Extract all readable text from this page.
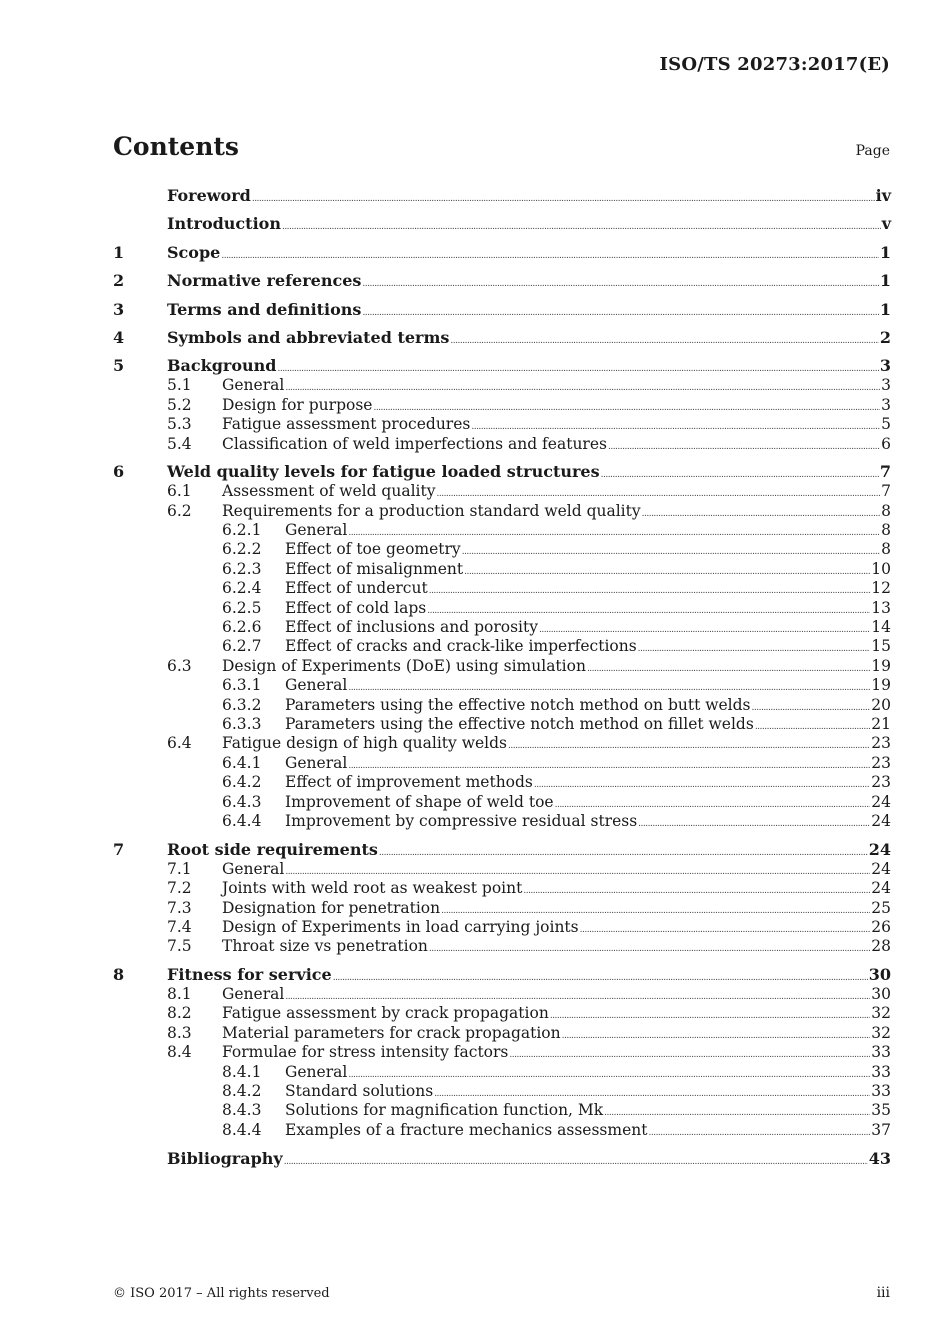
ISO/TS 20273:2017(E)
Contents	Page
Foreword .....	iv
Introduction .....	v
1	Scope .....	1
2	Normative references .....	1
3	Terms and definitions .....	1
4	Symbols and abbreviated terms .....	2
5	Background .....	3
5.1	General .....	3
5.2	Design for purpose .....	3
5.3	Fatigue assessment procedures .....	5
5.4	Classification of weld imperfections and features .....	6
6	Weld quality levels for fatigue loaded structures .....	7
6.1	Assessment of weld quality .....	7
6.2	Requirements for a production standard weld quality .....	8
6.2.1	General .....	8
6.2.2	Effect of toe geometry .....	8
6.2.3	Effect of misalignment .....	10
6.2.4	Effect of undercut .....	12
6.2.5	Effect of cold laps .....	13
6.2.6	Effect of inclusions and porosity .....	14
6.2.7	Effect of cracks and crack-like imperfections .....	15
6.3	Design of Experiments (DoE) using simulation .....	19
6.3.1	General .....	19
6.3.2	Parameters using the effective notch method on butt welds .....	20
6.3.3	Parameters using the effective notch method on fillet welds .....	21
6.4	Fatigue design of high quality welds .....	23
6.4.1	General .....	23
6.4.2	Effect of improvement methods .....	23
6.4.3	Improvement of shape of weld toe .....	24
6.4.4	Improvement by compressive residual stress .....	24
7	Root side requirements .....	24
7.1	General .....	24
7.2	Joints with weld root as weakest point .....	24
7.3	Designation for penetration .....	25
7.4	Design of Experiments in load carrying joints .....	26
7.5	Throat size vs penetration .....	28
8	Fitness for service .....	30
8.1	General .....	30
8.2	Fatigue assessment by crack propagation .....	32
8.3	Material parameters for crack propagation .....	32
8.4	Formulae for stress intensity factors .....	33
8.4.1	General .....	33
8.4.2	Standard solutions .....	33
8.4.3	Solutions for magnification function, Mk .....	35
8.4.4	Examples of a fracture mechanics assessment .....	37
Bibliography .....	43
© ISO 2017 – All rights reserved	iii
